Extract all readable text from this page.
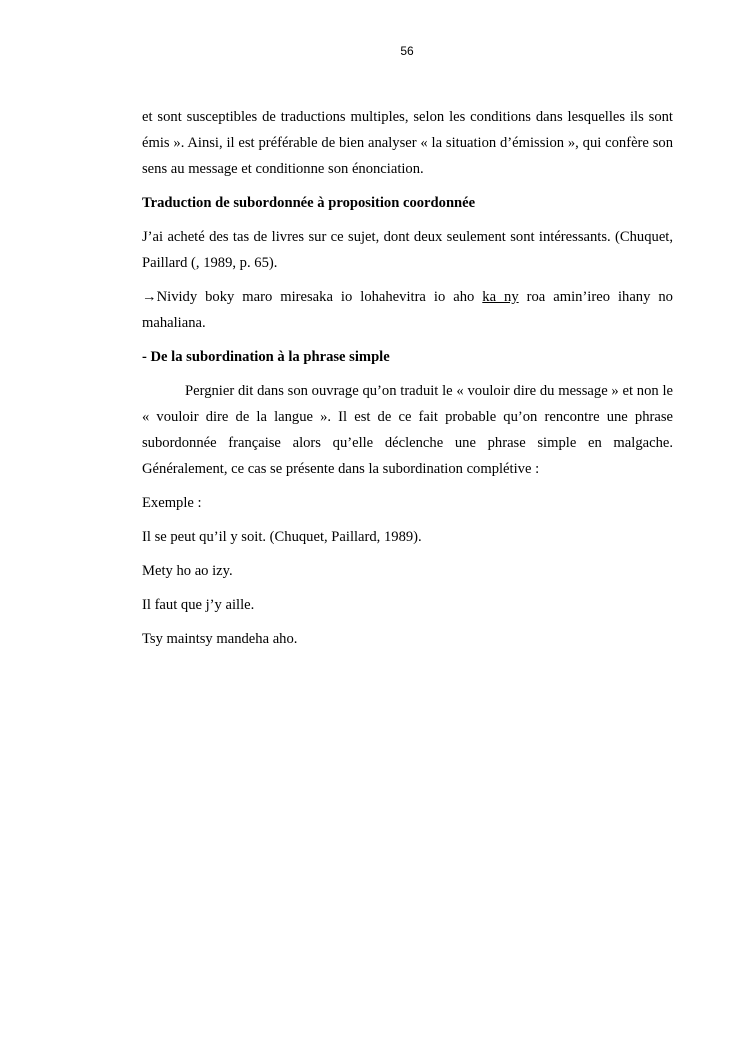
56

et sont susceptibles de traductions multiples, selon les conditions dans lesquelles ils sont émis ». Ainsi, il est préférable de bien analyser « la situation d’émission », qui confère son sens au message et conditionne son énonciation.

Traduction de subordonnée à proposition coordonnée

J’ai acheté des tas de livres sur ce sujet, dont deux seulement sont intéressants. (Chuquet, Paillard (, 1989, p. 65).

→Nividy boky maro miresaka io lohahevitra io aho ka ny roa amin’ireo ihany no mahaliana.

- De la subordination à la phrase simple

Pergnier dit dans son ouvrage qu’on traduit le « vouloir dire du message » et non le « vouloir dire de la langue ». Il est de ce fait probable qu’on rencontre une phrase subordonnée française alors qu’elle déclenche une phrase simple en malgache. Généralement, ce cas se présente dans la subordination complétive :

Exemple :

Il se peut qu’il y soit. (Chuquet, Paillard, 1989).

Mety ho ao izy.

Il faut que j’y aille.

Tsy maintsy mandeha aho.
